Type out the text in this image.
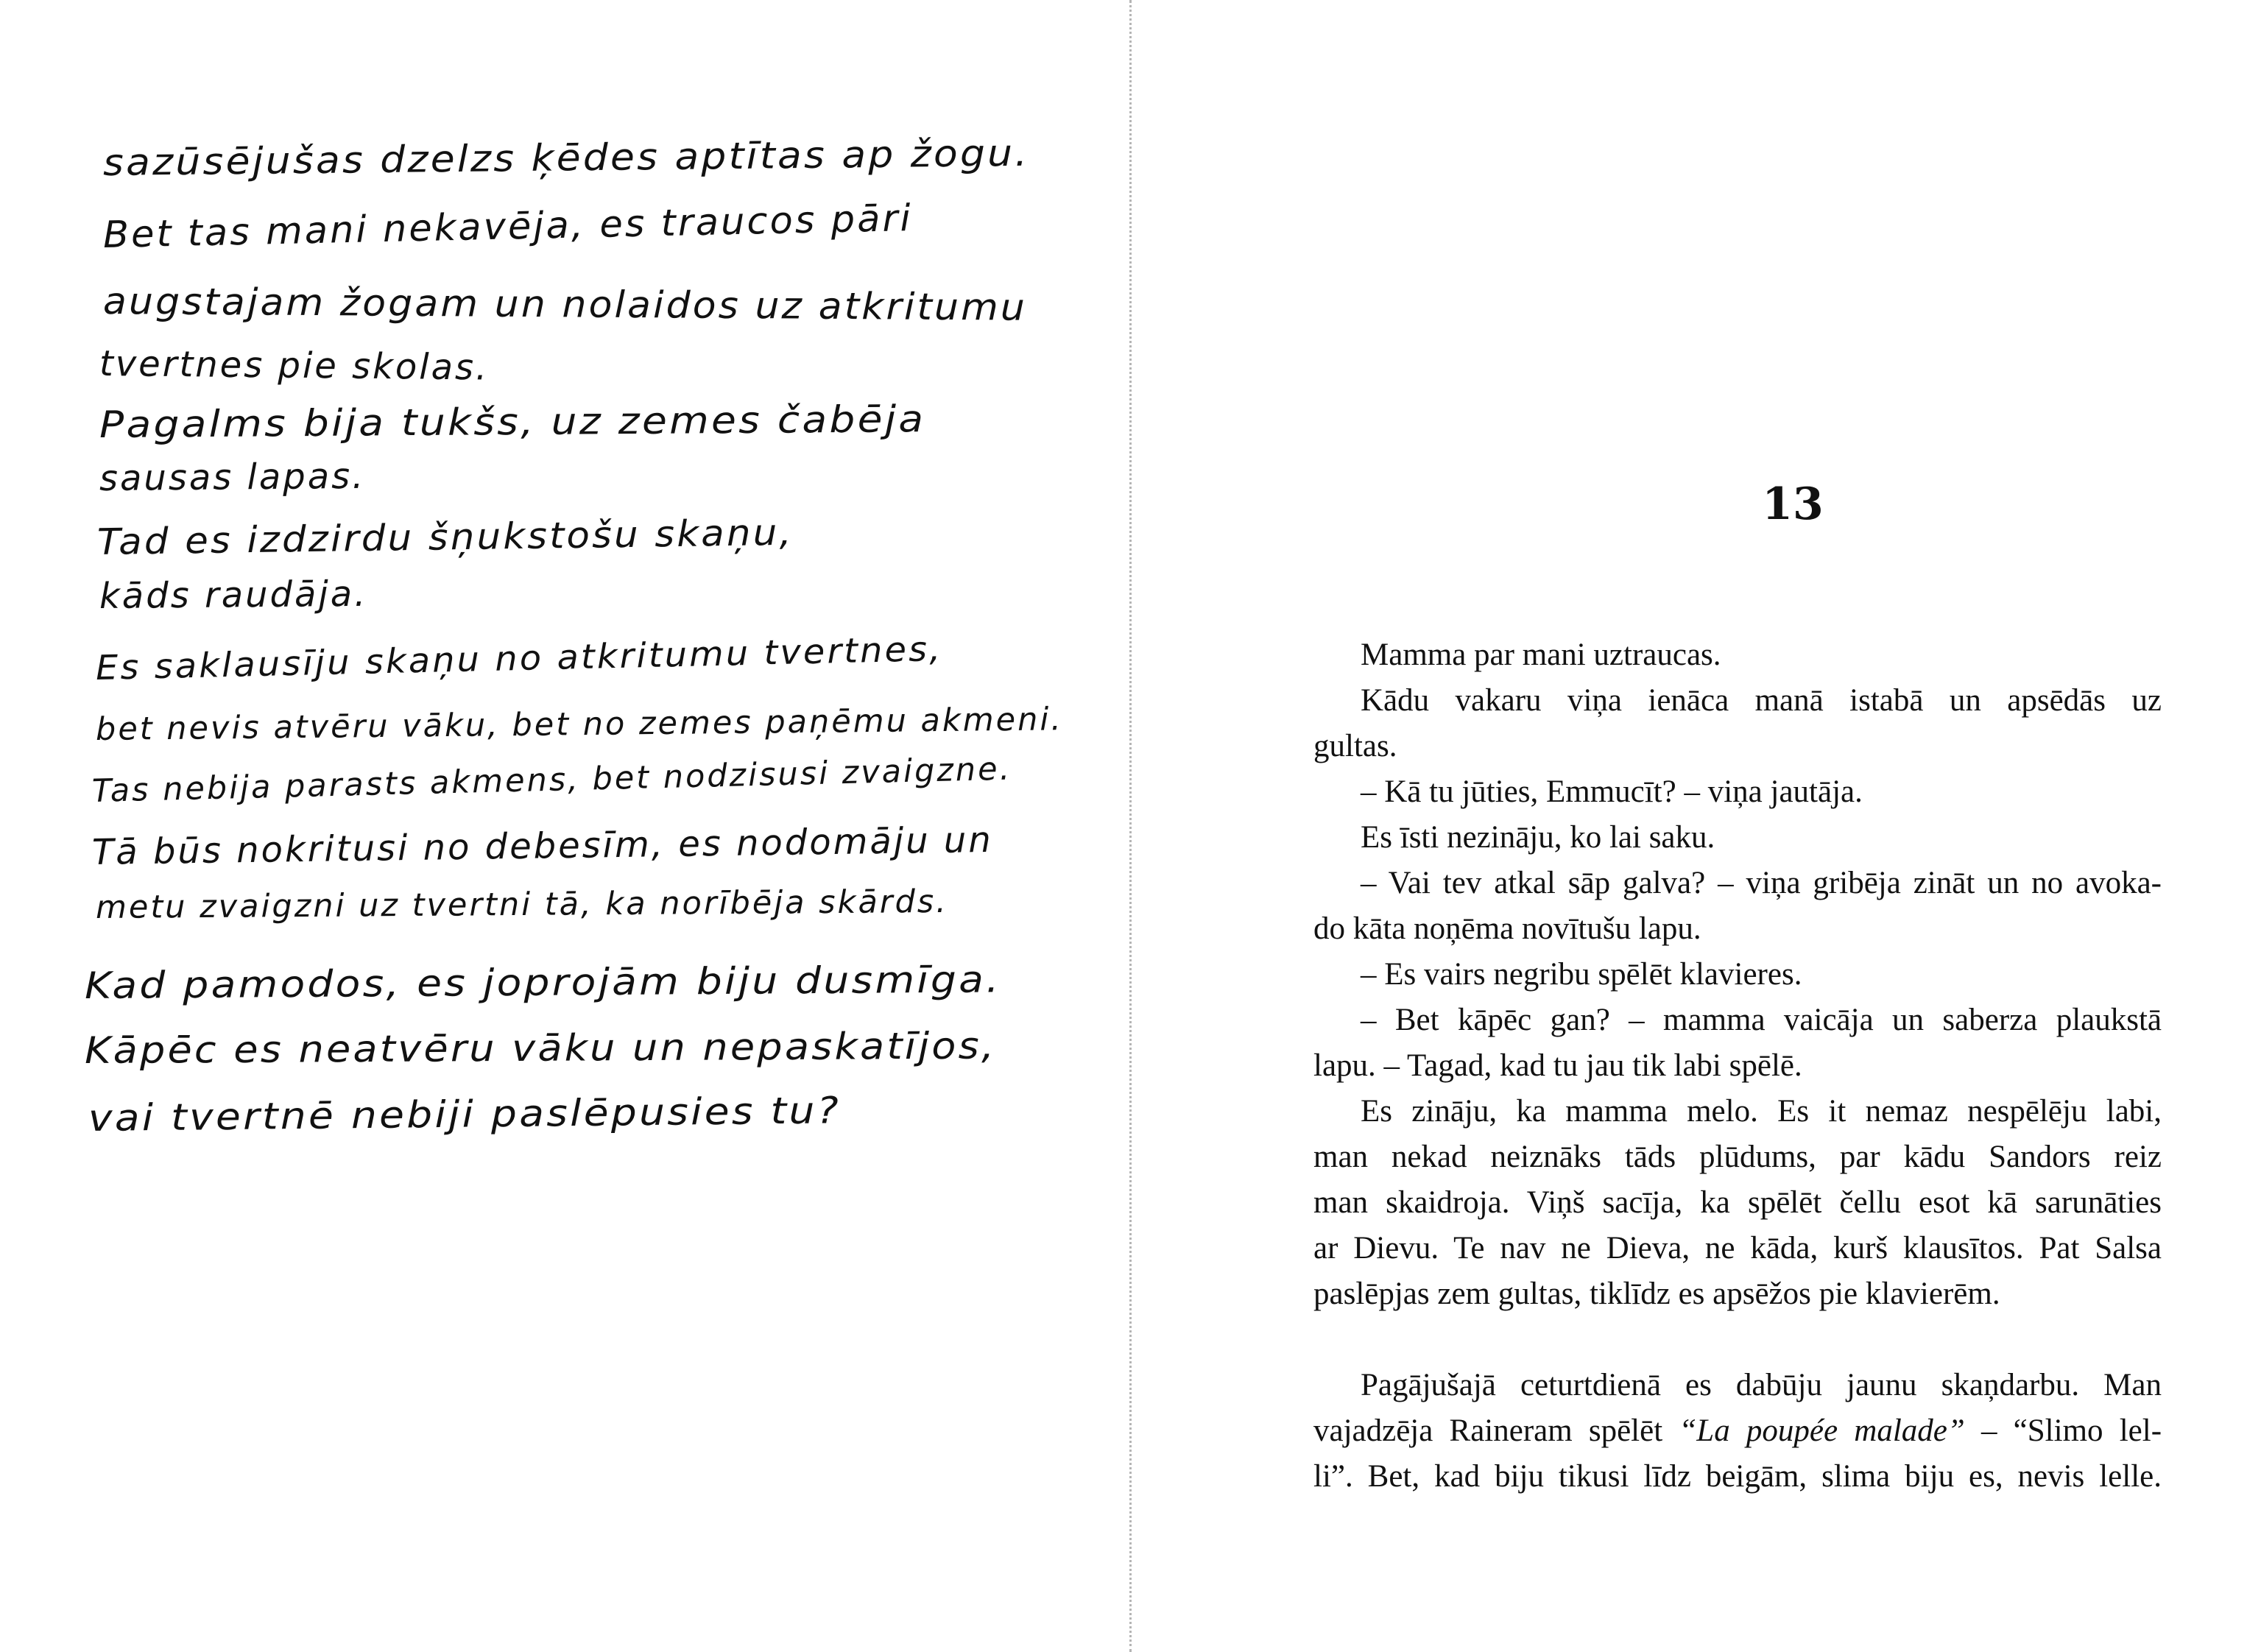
sazūsējušas dzelzs ķēdes aptītas ap žogu.
Bet tas mani nekavēja, es traucos pāri
augstajam žogam un nolaidos uz atkritumu
tvertnes pie skolas.
Pagalms bija tukšs, uz zemes čabēja
sausas lapas.
Tad es izdzirdu šņukstošu skaņu,
kāds raudāja.
Es saklausīju skaņu no atkritumu tvertnes,
bet nevis atvēru vāku, bet no zemes paņēmu akmeni.
Tas nebija parasts akmens, bet nodzisusi zvaigzne.
Tā būs nokritusi no debesīm, es nodomāju un
metu zvaigzni uz tvertni tā, ka norībēja skārds.
Kad pamodos, es joprojām biju dusmīga.
Kāpēc es neatvēru vāku un nepaskatījos,
vai tvertnē nebiji paslēpusies tu?
13
Mamma par mani uztraucas.
Kādu vakaru viņa ienāca manā istabā un apsēdās uz
gultas.
– Kā tu jūties, Emmucīt? – viņa jautāja.
Es īsti nezināju, ko lai saku.
– Vai tev atkal sāp galva? – viņa gribēja zināt un no avoka-
do kāta noņēma novītušu lapu.
– Es vairs negribu spēlēt klavieres.
– Bet kāpēc gan? – mamma vaicāja un saberza plaukstā
lapu. – Tagad, kad tu jau tik labi spēlē.
Es zināju, ka mamma melo. Es it nemaz nespēlēju labi,
man nekad neiznāks tāds plūdums, par kādu Sandors reiz
man skaidroja. Viņš sacīja, ka spēlēt čellu esot kā sarunāties
ar Dievu. Te nav ne Dieva, ne kāda, kurš klausītos. Pat Salsa
paslēpjas zem gultas, tiklīdz es apsēžos pie klavierēm.
Pagājušajā ceturtdienā es dabūju jaunu skaņdarbu. Man
vajadzēja Raineram spēlēt “La poupée malade” – “Slimo lel-
li”. Bet, kad biju tikusi līdz beigām, slima biju es, nevis lelle.
